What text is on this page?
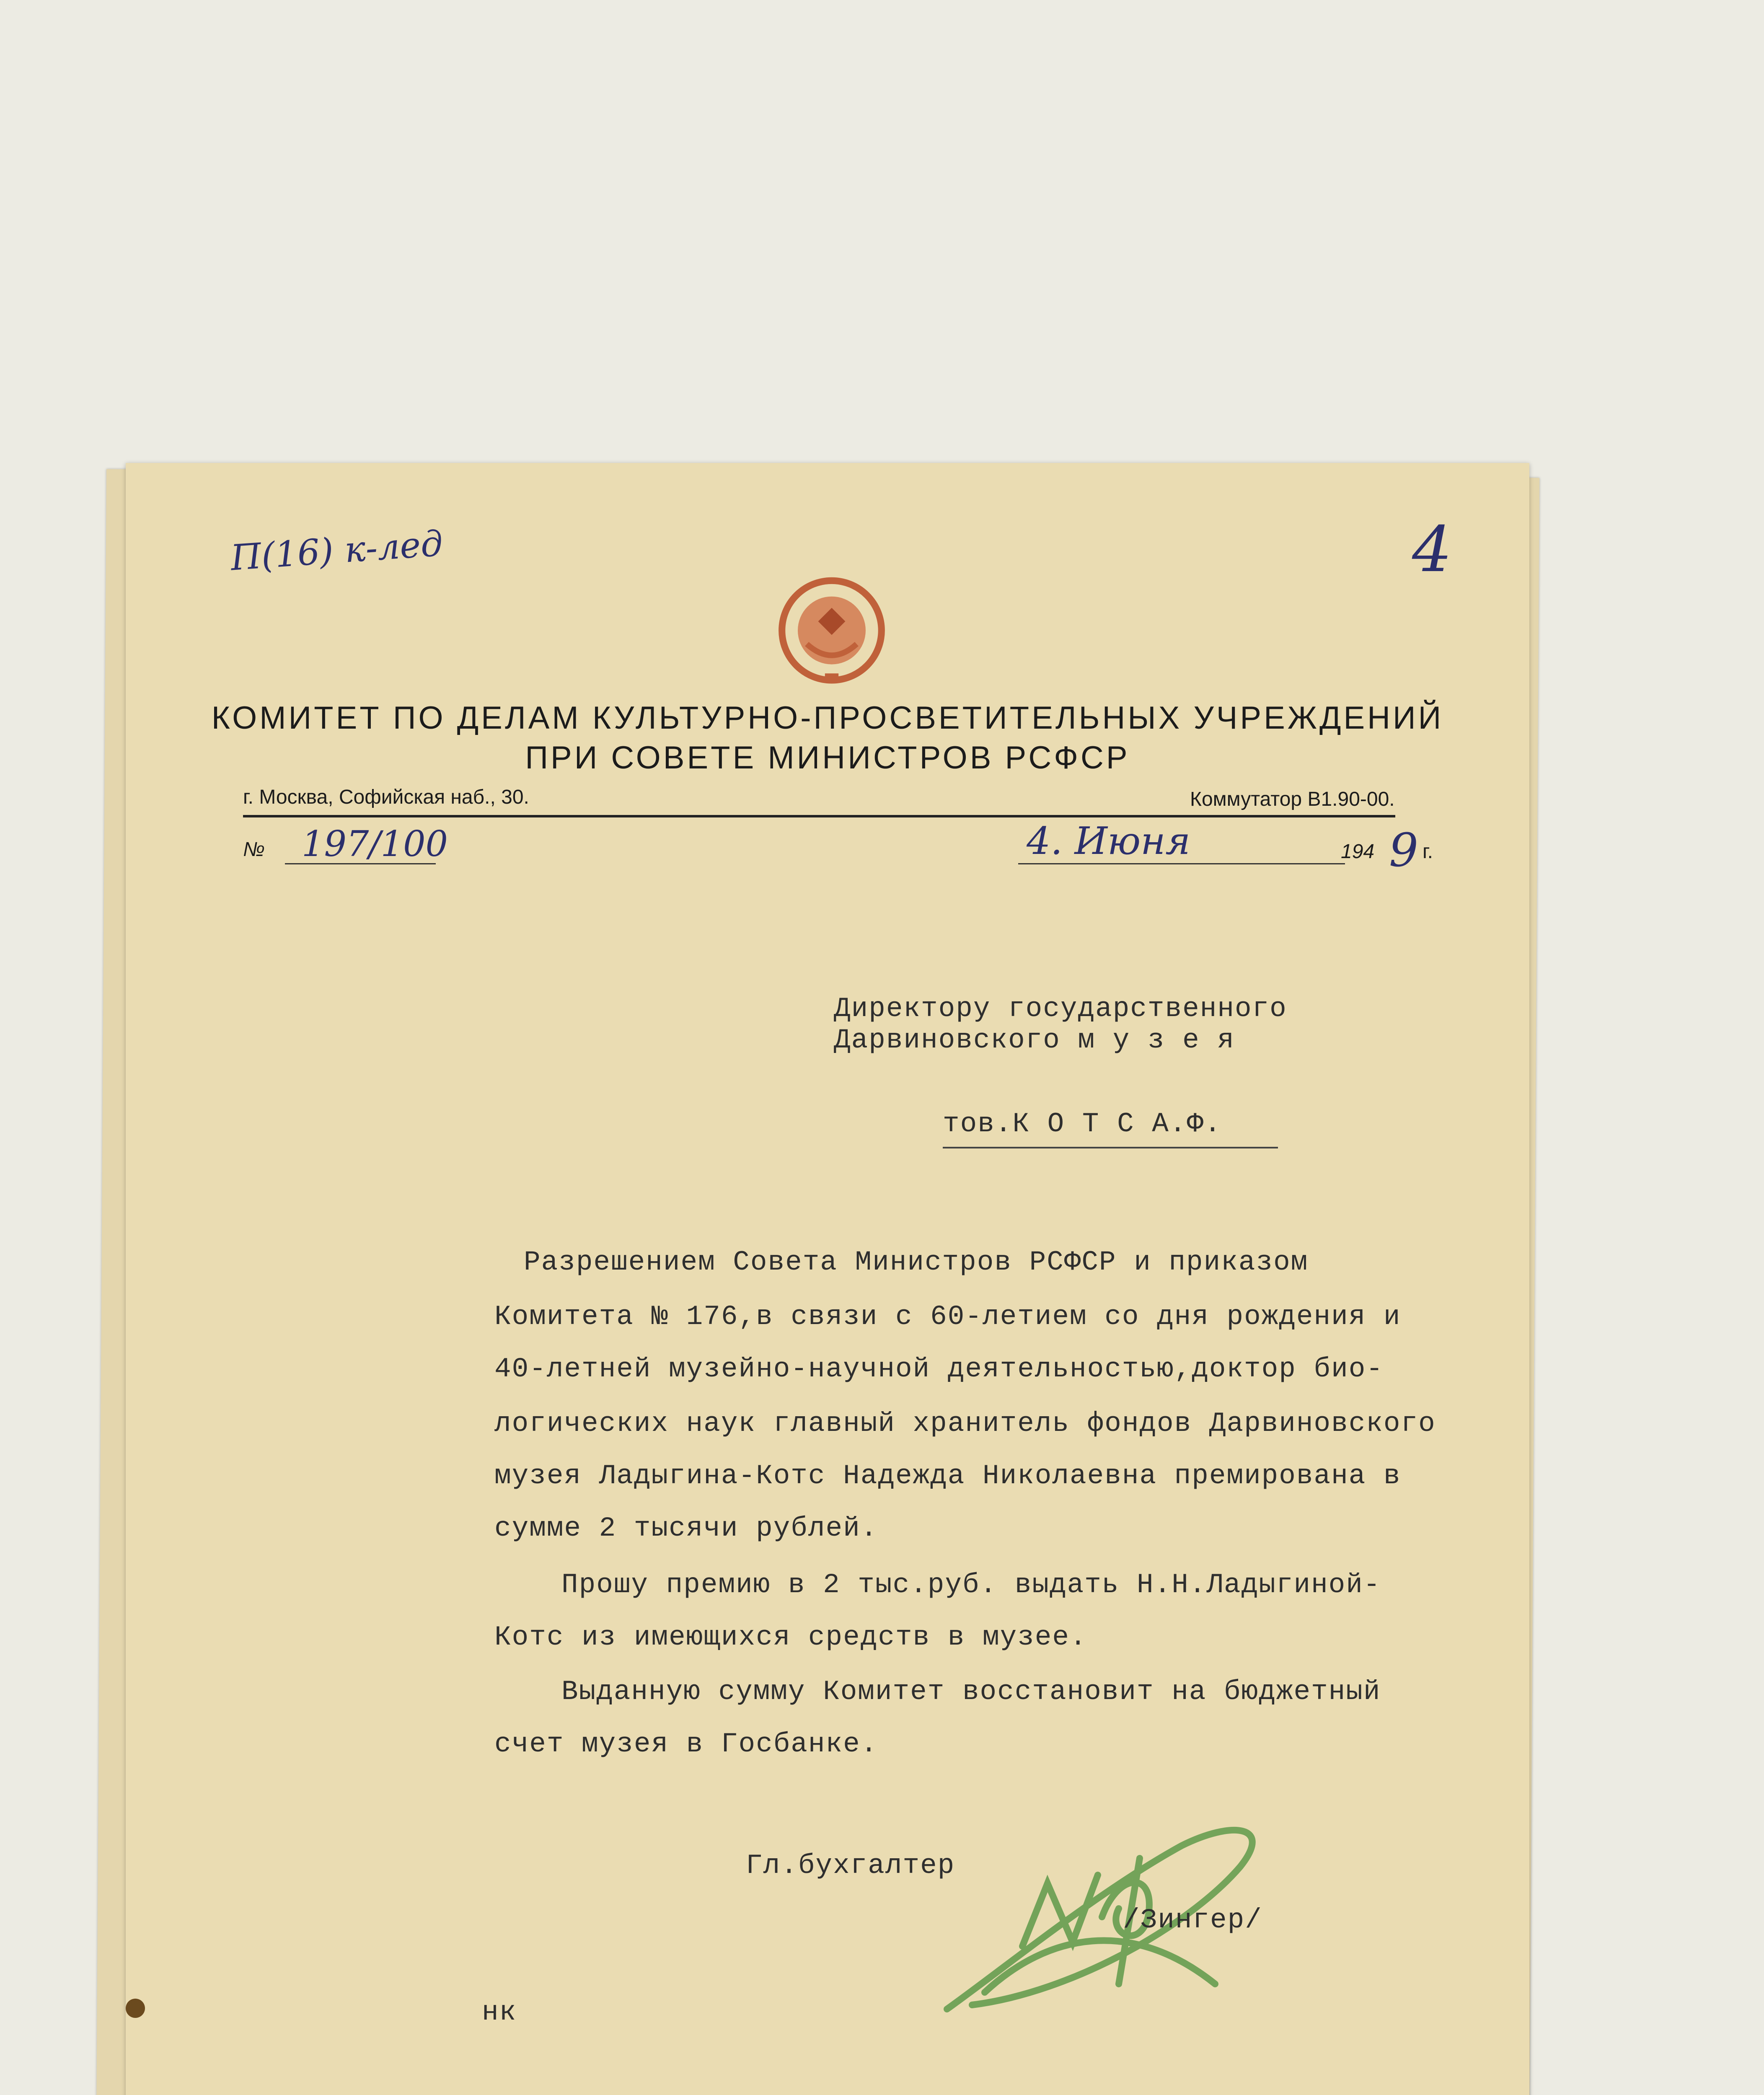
П(16) к-лед	4
КОМИТЕТ ПО ДЕЛАМ КУЛЬТУРНО-ПРОСВЕТИТЕЛЬНЫХ УЧРЕЖДЕНИЙ
ПРИ СОВЕТЕ МИНИСТРОВ РСФСР
г. Москва, Софийская наб., 30.	Коммутатор В1.90-00.
№ 197/100	4. Июня	194 9 г.
Директору государственного
Дарвиновского м у з е я
тов.К О Т С А.Ф.
Разрешением Совета Министров РСФСР и приказом
Комитета № 176,в связи с 60-летием со дня рождения и
40-летней музейно-научной деятельностью,доктор био-
логических наук главный хранитель фондов Дарвиновского
музея Ладыгина-Котс Надежда Николаевна премирована в
сумме 2 тысячи рублей.
Прошу премию в 2 тыс.руб. выдать Н.Н.Ладыгиной-
Котс из имеющихся средств в музее.
Выданную сумму Комитет восстановит на бюджетный
счет музея в Госбанке.
Гл.бухгалтер
/Зингер/
нк
